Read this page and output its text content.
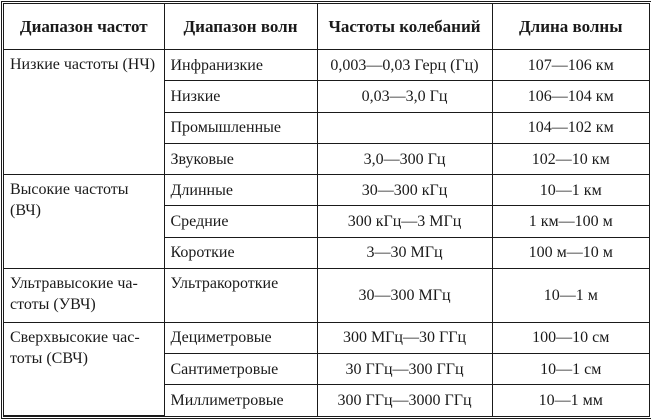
Диапазон частот	Диапазон волн	Частоты колебаний	Длина волны
Низкие частоты (НЧ)	Инфранизкие	0,003—0,03 Герц (Гц)	107—106 км
	Низкие	0,03—3,0 Гц	106—104 км
	Промышленные		104—102 км
	Звуковые	3,0—300 Гц	102—10 км
Высокие частоты (ВЧ)	Длинные	30—300 кГц	10—1 км
	Средние	300 кГц—3 МГц	1 км—100 м
	Короткие	3—30 МГц	100 м—10 м
Ультравысокие ча-стоты (УВЧ)	Ультракороткие	30—300 МГц	10—1 м
Сверхвысокие час-тоты (СВЧ)	Дециметровые	300 МГц—30 ГГц	100—10 см
	Сантиметровые	30 ГГц—300 ГГц	10—1 см
	Миллиметровые	300 ГГц—3000 ГГц	10—1 мм
